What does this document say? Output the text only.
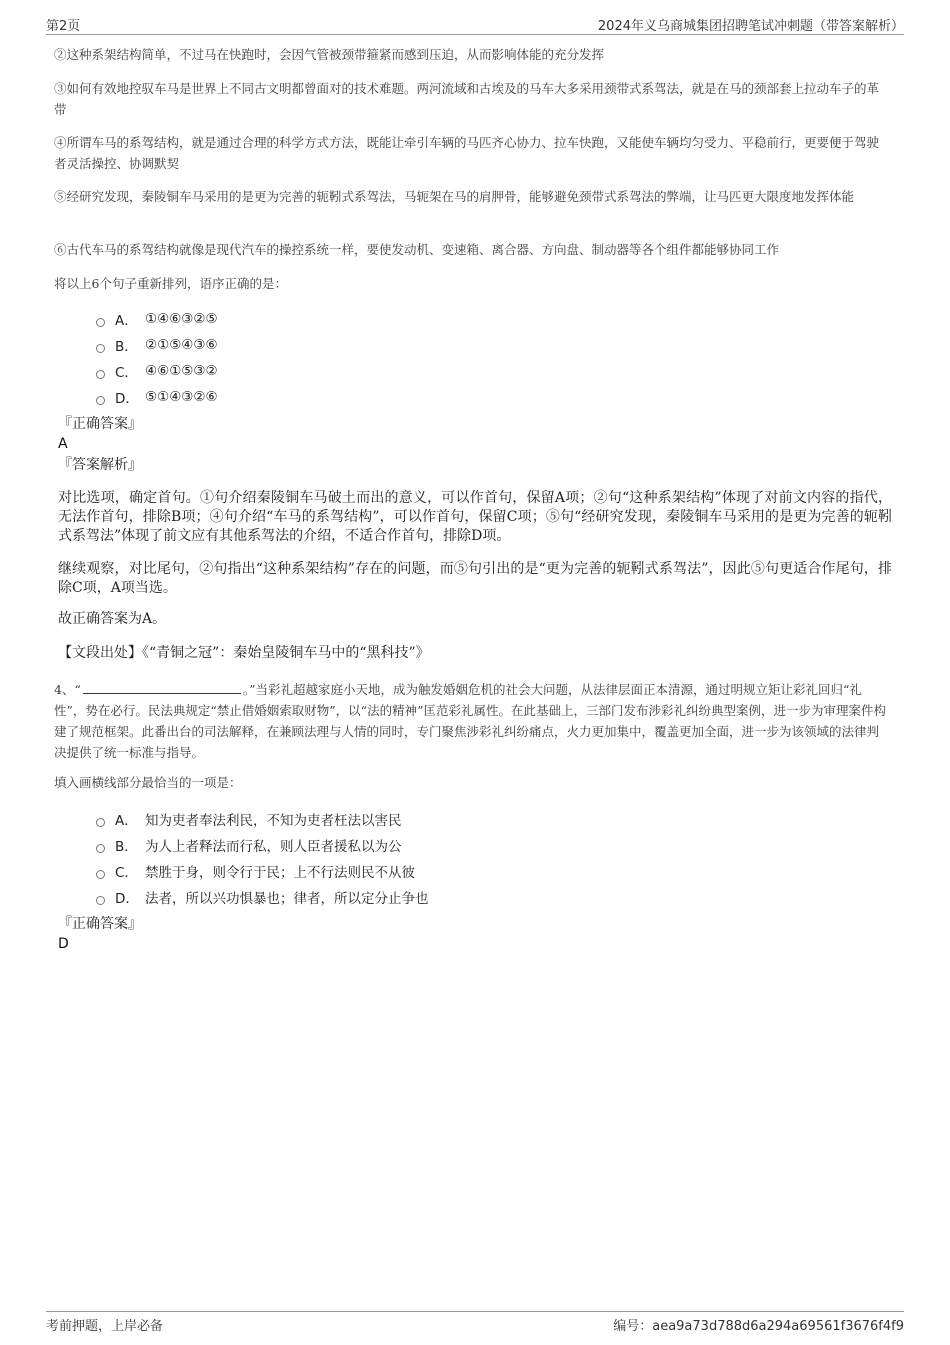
第2页	2024年义乌商城集团招聘笔试冲刺题（带答案解析）
②这种系架结构简单，不过马在快跑时，会因气管被颈带箍紧而感到压迫，从而影响体能的充分发挥
③如何有效地控驭车马是世界上不同古文明都曾面对的技术难题。两河流域和古埃及的马车大多采用颈带式系驾法，就是在马的颈部套上拉动车子的革带
④所谓车马的系驾结构，就是通过合理的科学方式方法，既能让牵引车辆的马匹齐心协力、拉车快跑，又能使车辆均匀受力、平稳前行，更要便于驾驶者灵活操控、协调默契
⑤经研究发现，秦陵铜车马采用的是更为完善的轭靷式系驾法，马轭架在马的肩胛骨，能够避免颈带式系驾法的弊端，让马匹更大限度地发挥体能
⑥古代车马的系驾结构就像是现代汽车的操控系统一样，要使发动机、变速箱、离合器、方向盘、制动器等各个组件都能够协同工作
将以上6个句子重新排列，语序正确的是：
A． ①④⑥③②⑤
B． ②①⑤④③⑥
C． ④⑥①⑤③②
D． ⑤①④③②⑥
『正确答案』
A
『答案解析』
对比选项，确定首句。①句介绍秦陵铜车马破土而出的意义，可以作首句，保留A项；②句“这种系架结构”体现了对前文内容的指代，无法作首句，排除B项；④句介绍“车马的系驾结构”，可以作首句，保留C项；⑤句“经研究发现，秦陵铜车马采用的是更为完善的轭靷式系驾法”体现了前文应有其他系驾法的介绍，不适合作首句，排除D项。
继续观察，对比尾句，②句指出“这种系架结构”存在的问题，而⑤句引出的是“更为完善的轭靷式系驾法”，因此⑤句更适合作尾句，排除C项，A项当选。
故正确答案为A。
【文段出处】《“青铜之冠”：秦始皇陵铜车马中的“黑科技”》
4、“	。”当彩礼超越家庭小天地，成为触发婚姻危机的社会大问题，从法律层面正本清源，通过明规立矩让彩礼回归“礼性”，势在必行。民法典规定“禁止借婚姻索取财物”，以“法的精神”匡范彩礼属性。在此基础上，三部门发布涉彩礼纠纷典型案例，进一步为审理案件构建了规范框架。此番出台的司法解释，在兼顾法理与人情的同时，专门聚焦涉彩礼纠纷痛点，火力更加集中，覆盖更加全面，进一步为该领域的法律判决提供了统一标准与指导。
填入画横线部分最恰当的一项是：
A． 知为吏者奉法利民，不知为吏者枉法以害民
B． 为人上者释法而行私，则人臣者援私以为公
C． 禁胜于身，则令行于民；上不行法则民不从彼
D． 法者，所以兴功惧暴也；律者，所以定分止争也
『正确答案』
D
考前押题，上岸必备	编号：aea9a73d788d6a294a69561f3676f4f9
